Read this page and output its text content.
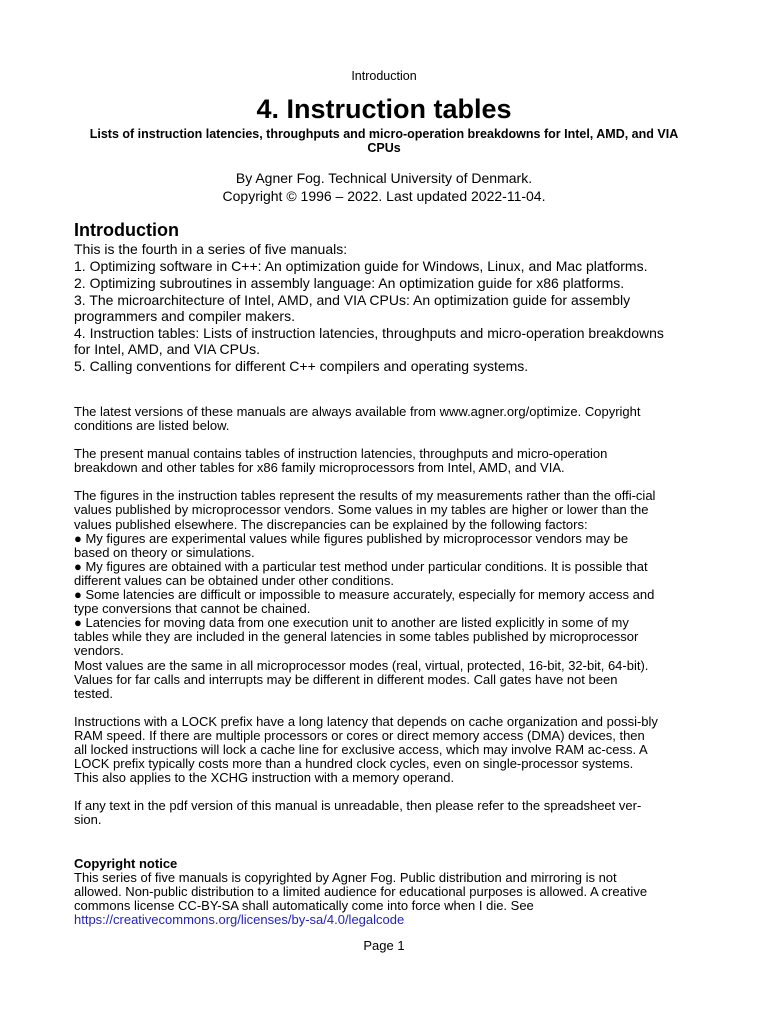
Introduction
4. Instruction tables
Lists of instruction latencies, throughputs and micro-operation breakdowns for Intel, AMD, and VIA CPUs
By Agner Fog. Technical University of Denmark.
Copyright © 1996 – 2022. Last updated 2022-11-04.
Introduction
This is the fourth in a series of five manuals:
1. Optimizing software in C++: An optimization guide for Windows, Linux, and Mac platforms.
2. Optimizing subroutines in assembly language: An optimization guide for x86 platforms.
3. The microarchitecture of Intel, AMD, and VIA CPUs: An optimization guide for assembly programmers and compiler makers.
4. Instruction tables: Lists of instruction latencies, throughputs and micro-operation breakdowns for Intel, AMD, and VIA CPUs.
5. Calling conventions for different C++ compilers and operating systems.

The latest versions of these manuals are always available from www.agner.org/optimize. Copyright conditions are listed below.

The present manual contains tables of instruction latencies, throughputs and micro-operation breakdown and other tables for x86 family microprocessors from Intel, AMD, and VIA.

The figures in the instruction tables represent the results of my measurements rather than the offi-cial values published by microprocessor vendors. Some values in my tables are higher or lower than the values published elsewhere. The discrepancies can be explained by the following factors:

● My figures are experimental values while figures published by microprocessor vendors may be based on theory or simulations.

● My figures are obtained with a particular test method under particular conditions. It is possible that different values can be obtained under other conditions.

● Some latencies are difficult or impossible to measure accurately, especially for memory access and type conversions that cannot be chained.

● Latencies for moving data from one execution unit to another are listed explicitly in some of my tables while they are included in the general latencies in some tables published by microprocessor vendors.

Most values are the same in all microprocessor modes (real, virtual, protected, 16-bit, 32-bit, 64-bit). Values for far calls and interrupts may be different in different modes. Call gates have not been tested.

Instructions with a LOCK prefix have a long latency that depends on cache organization and possi-bly RAM speed. If there are multiple processors or cores or direct memory access (DMA) devices, then all locked instructions will lock a cache line for exclusive access, which may involve RAM ac-cess. A LOCK prefix typically costs more than a hundred clock cycles, even on single-processor systems. This also applies to the XCHG instruction with a memory operand.

If any text in the pdf version of this manual is unreadable, then please refer to the spreadsheet ver-sion.

Copyright notice
This series of five manuals is copyrighted by Agner Fog. Public distribution and mirroring is not allowed. Non-public distribution to a limited audience for educational purposes is allowed. A creative commons license CC-BY-SA shall automatically come into force when I die. See
https://creativecommons.org/licenses/by-sa/4.0/legalcode
Page 1
